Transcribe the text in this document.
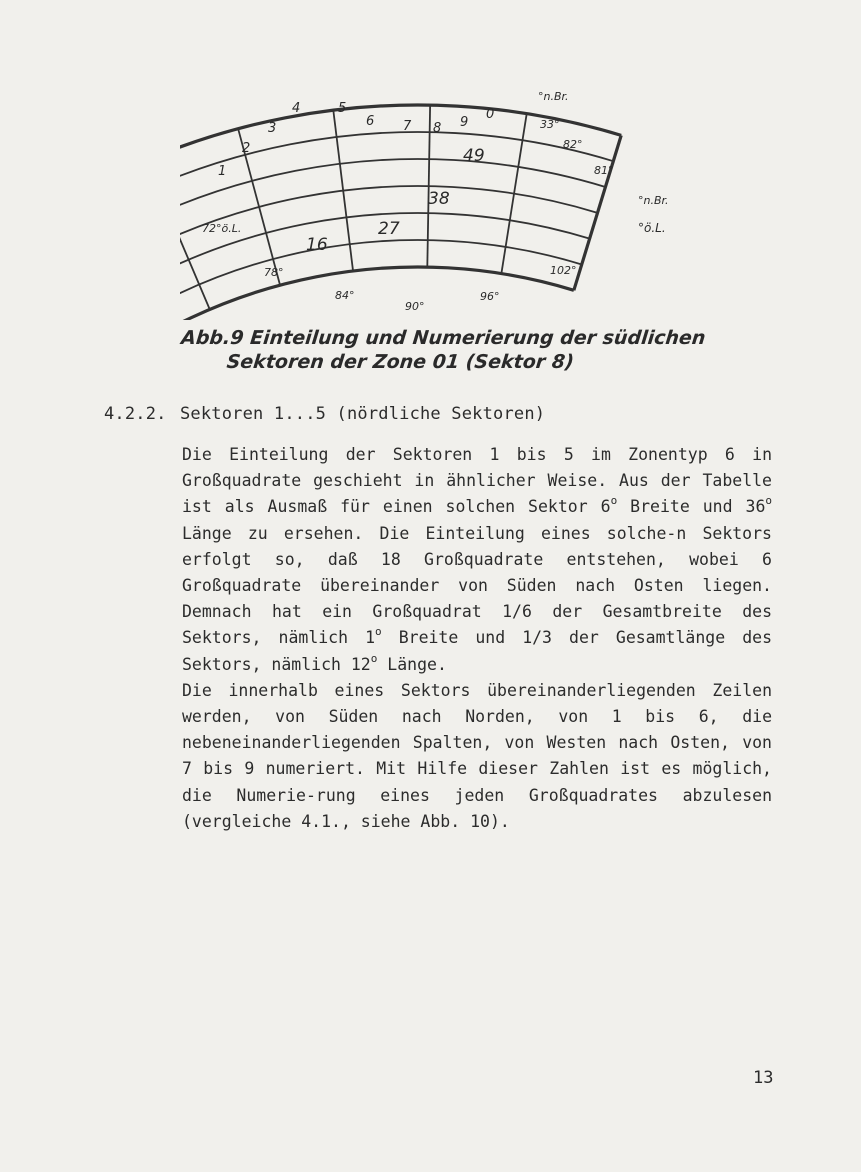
1
2
3
4	5
6 7 8 9
0
16
27
38
49
°n.Br.
33°
82°
81°
°n.Br.
°ö.L.
72°ö.L.
78°
84°
90°
96°
102°
Abb.9 Einteilung und Numerierung der südlichen
Sektoren der Zone 01 (Sektor 8)
4.2.2. Sektoren 1...5 (nördliche Sektoren)

Die Einteilung der Sektoren 1 bis 5 im Zonentyp 6 in Großquadrate geschieht in ähnlicher Weise. Aus der Tabelle ist als Ausmaß für einen solchen Sektor 6$^o$ Breite und 36$^o$ Länge zu ersehen. Die Einteilung eines solche-n Sektors erfolgt so, daß 18 Großquadrate entstehen, wobei 6 Großquadrate übereinander von Süden nach Osten liegen. Demnach hat ein Großquadrat 1/6 der Gesamtbreite des Sektors, nämlich 1$^o$ Breite und 1/3 der Gesamtlänge des Sektors, nämlich 12$^o$ Länge.

Die innerhalb eines Sektors übereinanderliegenden Zeilen werden, von Süden nach Norden, von 1 bis 6, die nebeneinanderliegenden Spalten, von Westen nach Osten, von 7 bis 9 numeriert. Mit Hilfe dieser Zahlen ist es möglich, die Numerie-rung eines jeden Großquadrates abzulesen (vergleiche 4.1., siehe Abb. 10).

13
